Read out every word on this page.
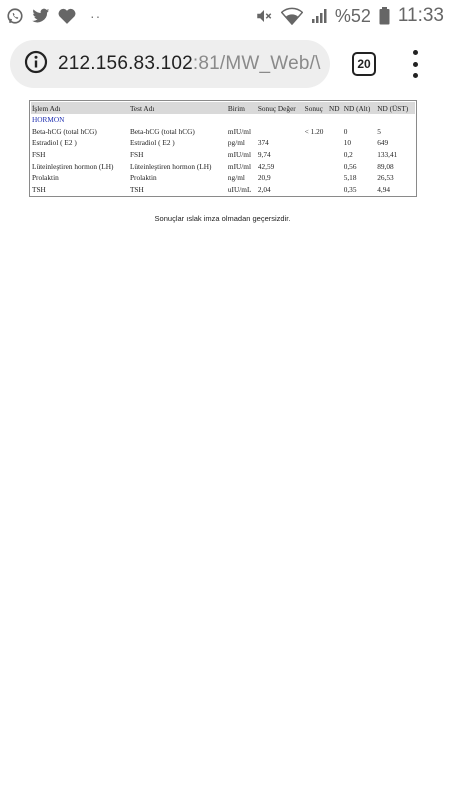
··	%52 11:33
212.156.83.102:81/MW_Web/\	20
İşlem Adı	Test Adı	Birim	Sonuç Değer	Sonuç	ND	ND (Alt)	ND (ÜST)
HORMON							
Beta-hCG (total hCG)	Beta-hCG (total hCG)	mIU/ml		< 1.20		0	5
Estradiol ( E2 )	Estradiol ( E2 )	pg/ml	374			10	649
FSH	FSH	mIU/ml	9,74			0,2	133,41
Lüteinleştiren hormon (LH)	Lüteinleştiren hormon (LH)	mIU/ml	42,59			0,56	89,08
Prolaktin	Prolaktin	ng/ml	20,9			5,18	26,53
TSH	TSH	uIU/mL	2,04			0,35	4,94
Sonuçlar ıslak imza olmadan geçersizdir.
